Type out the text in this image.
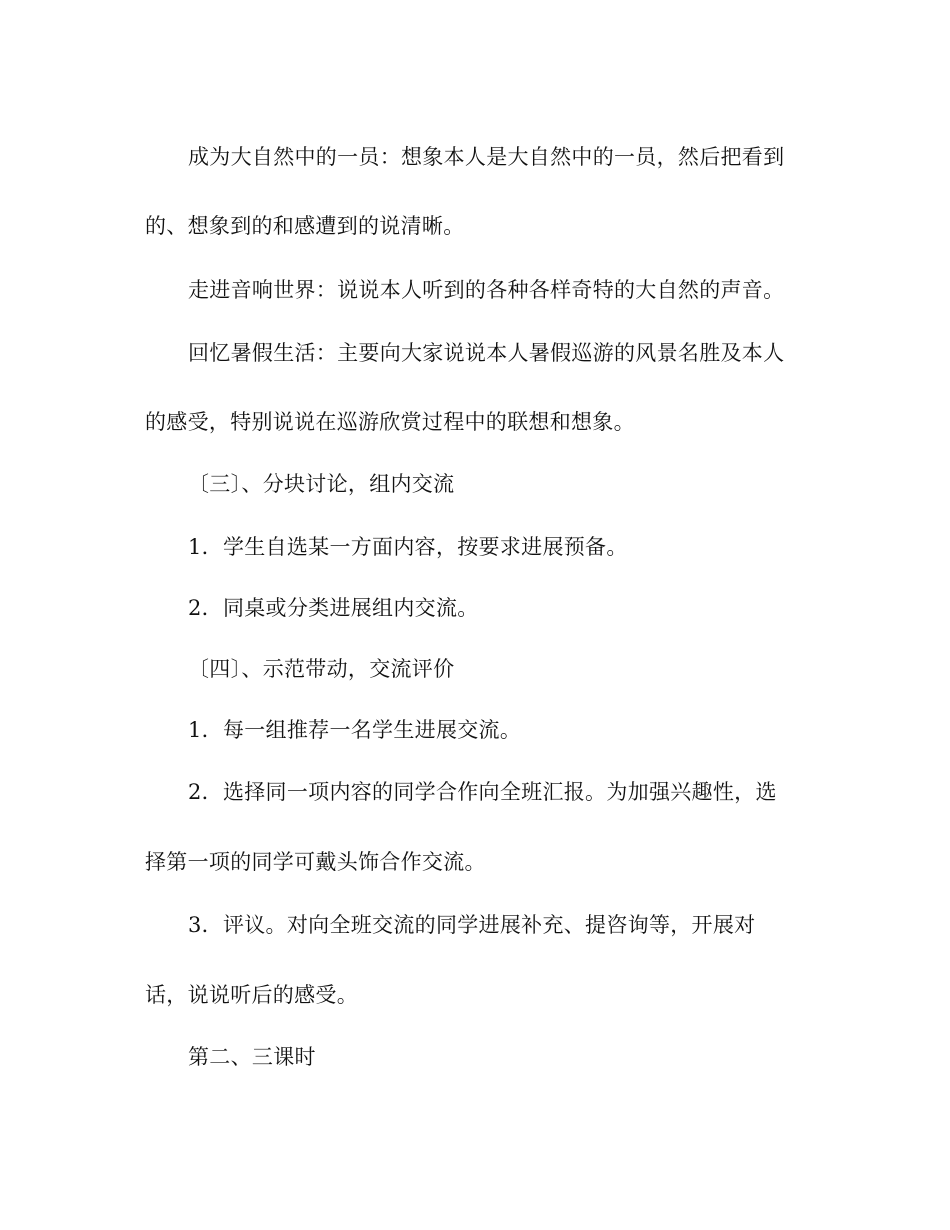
成为大自然中的一员：想象本人是大自然中的一员，然后把看到
的、想象到的和感遭到的说清晰。
走进音响世界：说说本人听到的各种各样奇特的大自然的声音。
回忆暑假生活：主要向大家说说本人暑假巡游的风景名胜及本人
的感受，特别说说在巡游欣赏过程中的联想和想象。
〔三〕、分块讨论，组内交流
1．学生自选某一方面内容，按要求进展预备。
2．同桌或分类进展组内交流。
〔四〕、示范带动，交流评价
1．每一组推荐一名学生进展交流。
2．选择同一项内容的同学合作向全班汇报。为加强兴趣性，选
择第一项的同学可戴头饰合作交流。
3．评议。对向全班交流的同学进展补充、提咨询等，开展对
话，说说听后的感受。
第二、三课时
